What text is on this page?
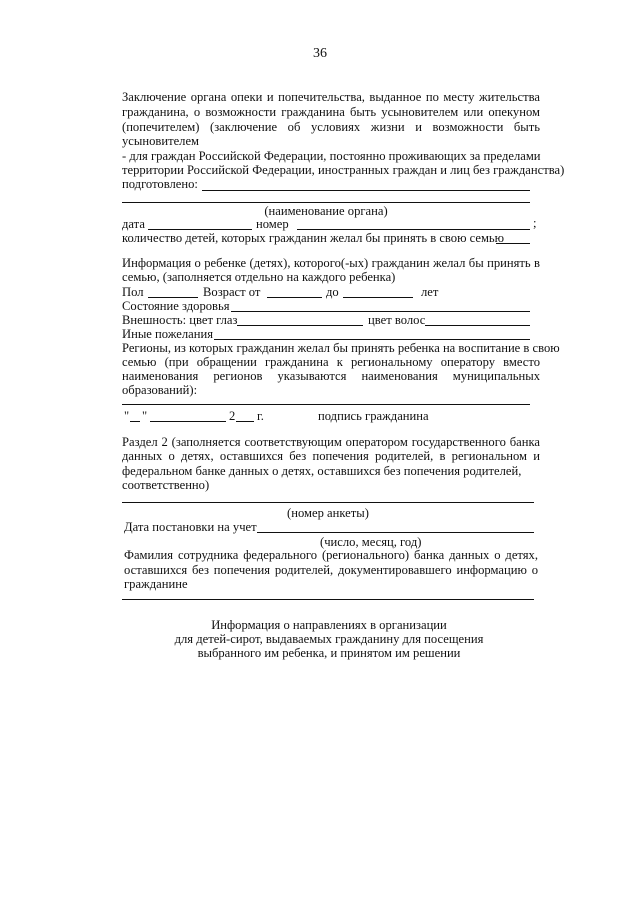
36
Заключение органа опеки и попечительства, выданное по месту жительства
гражданина, о возможности гражданина быть усыновителем или опекуном
(попечителем) (заключение об условиях жизни и возможности быть
усыновителем
- для граждан Российской Федерации, постоянно проживающих за пределами
территории Российской Федерации, иностранных граждан и лиц без гражданства)
подготовлено:
(наименование органа)
дата	номер	;
количество детей, которых гражданин желал бы принять в свою семью
Информация о ребенке (детях), которого(-ых) гражданин желал бы принять в
семью, (заполняется отдельно на каждого ребенка)
Пол	Возраст от	до	лет
Состояние здоровья
Внешность: цвет глаз	цвет волос
Иные пожелания
Регионы, из которых гражданин желал бы принять ребенка на воспитание в свою
семью (при обращении гражданина к региональному оператору вместо
наименования регионов указываются наименования муниципальных
образований):
" "	2 г.	подпись гражданина
Раздел 2 (заполняется соответствующим оператором государственного банка
данных о детях, оставшихся без попечения родителей, в региональном и
федеральном банке данных о детях, оставшихся без попечения родителей,
соответственно)
(номер анкеты)
Дата постановки на учет
(число, месяц, год)
Фамилия сотрудника федерального (регионального) банка данных о детях,
оставшихся без попечения родителей, документировавшего информацию о
гражданине
Информация о направлениях в организации
для детей-сирот, выдаваемых гражданину для посещения
выбранного им ребенка, и принятом им решении
